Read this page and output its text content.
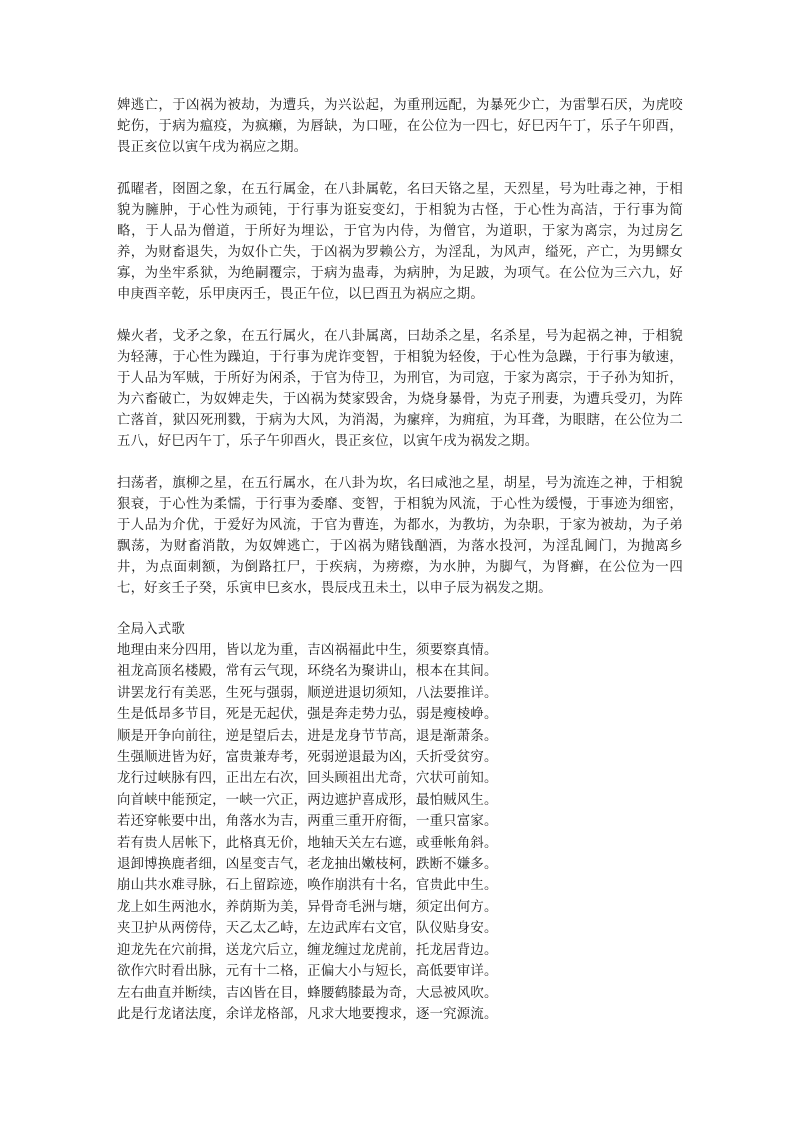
婢逃亡，于凶祸为被劫，为遭兵，为兴讼起，为重刑远配，为暴死少亡，为雷掣石厌，为虎咬蛇伤，于病为瘟疫，为疯癞，为唇缺，为口哑，在公位为一四七，好巳丙午丁，乐子午卯酉，畏正亥位以寅午戌为祸应之期。

孤曜者，囹圄之象，在五行属金，在八卦属乾，名曰天铬之星，天烈星，号为吐毒之神，于相貌为臃肿，于心性为顽钝，于行事为诳妄变幻，于相貌为古怪，于心性为高洁，于行事为简略，于人品为僧道，于所好为埋讼，于官为内侍，为僧官，为道职，于家为离宗，为过房乞养，为财畜退失，为奴仆亡失，于凶祸为罗赖公方，为淫乱，为风声，缢死，产亡，为男鳏女寡，为坐牢系狱，为绝嗣覆宗，于病为蛊毒，为病肿，为足跛，为项气。在公位为三六九，好申庚酉辛乾，乐甲庚丙壬，畏正午位，以巳酉丑为祸应之期。

燥火者，戈矛之象，在五行属火，在八卦属离，曰劫杀之星，名杀星，号为起祸之神，于相貌为轻薄，于心性为躁迫，于行事为虎诈变智，于相貌为轻俊，于心性为急躁，于行事为敏速，于人品为军贼，于所好为闲杀，于官为侍卫，为刑官，为司寇，于家为离宗，于子孙为知折，为六畜破亡，为奴婢走失，于凶祸为焚家毁舍，为烧身暴骨，为克子刑妻，为遭兵受刃，为阵亡落首，狱囚死刑戮，于病为大风，为消渴，为瘰痒，为痈疽，为耳聋，为眼瞎，在公位为二五八，好巳丙午丁，乐子午卯酉火，畏正亥位，以寅午戌为祸发之期。

扫荡者，旗柳之星，在五行属水，在八卦为坎，名曰咸池之星，胡星，号为流连之神，于相貌狠衰，于心性为柔懦，于行事为委靡、变智，于相貌为风流，于心性为缓慢，于事迹为细密，于人品为介优，于爱好为风流，于官为曹连，为都水，为教坊，为杂职，于家为被劫，为子弟飘荡，为财畜消散，为奴婢逃亡，于凶祸为赌钱酗酒，为落水投河，为淫乱阃门，为抛离乡井，为点面刺额，为倒路扛尸，于疾病，为痨瘵，为水肿，为脚气，为肾癣，在公位为一四七，好亥壬子癸，乐寅申巳亥水，畏辰戌丑未土，以申子辰为祸发之期。

全局入式歌

地理由来分四用，皆以龙为重，吉凶祸福此中生，须要察真情。
祖龙高顶名楼殿，常有云气现，环绕名为聚讲山，根本在其间。
讲罢龙行有美恶，生死与强弱，顺逆进退切须知，八法要推详。
生是低昂多节目，死是无起伏，强是奔走势力弘，弱是瘦棱峥。
顺是开争向前往，逆是望后去，进是龙身节节高，退是渐萧条。
生强顺进皆为好，富贵兼寿考，死弱逆退最为凶，夭折受贫穷。
龙行过峡脉有四，正出左右次，回头顾祖出尤奇，穴状可前知。
向首峡中能预定，一峡一穴正，两边遮护喜成形，最怕贼风生。
若还穿帐要中出，角落水为吉，两重三重开府衙，一重只富家。
若有贵人居帐下，此格真无价，地轴天关左右遮，或垂帐角斜。
退卸博换鹿者细，凶星变吉气，老龙抽出嫩枝柯，跌断不嫌多。
崩山共水难寻脉，石上留踪迹，唤作崩洪有十名，官贵此中生。
龙上如生两池水，养荫斯为美，异骨奇毛洲与塘，须定出何方。
夹卫护从两傍侍，天乙太乙峙，左边武库右文官，队仪贴身安。
迎龙先在穴前揖，送龙穴后立，缠龙缠过龙虎前，托龙居背边。
欲作穴时看出脉，元有十二格，正偏大小与短长，高低要审详。
左右曲直并断续，吉凶皆在目，蜂腰鹤膝最为奇，大忌被风吹。
此是行龙诸法度，余详龙格部，凡求大地要搜求，逐一究源流。
